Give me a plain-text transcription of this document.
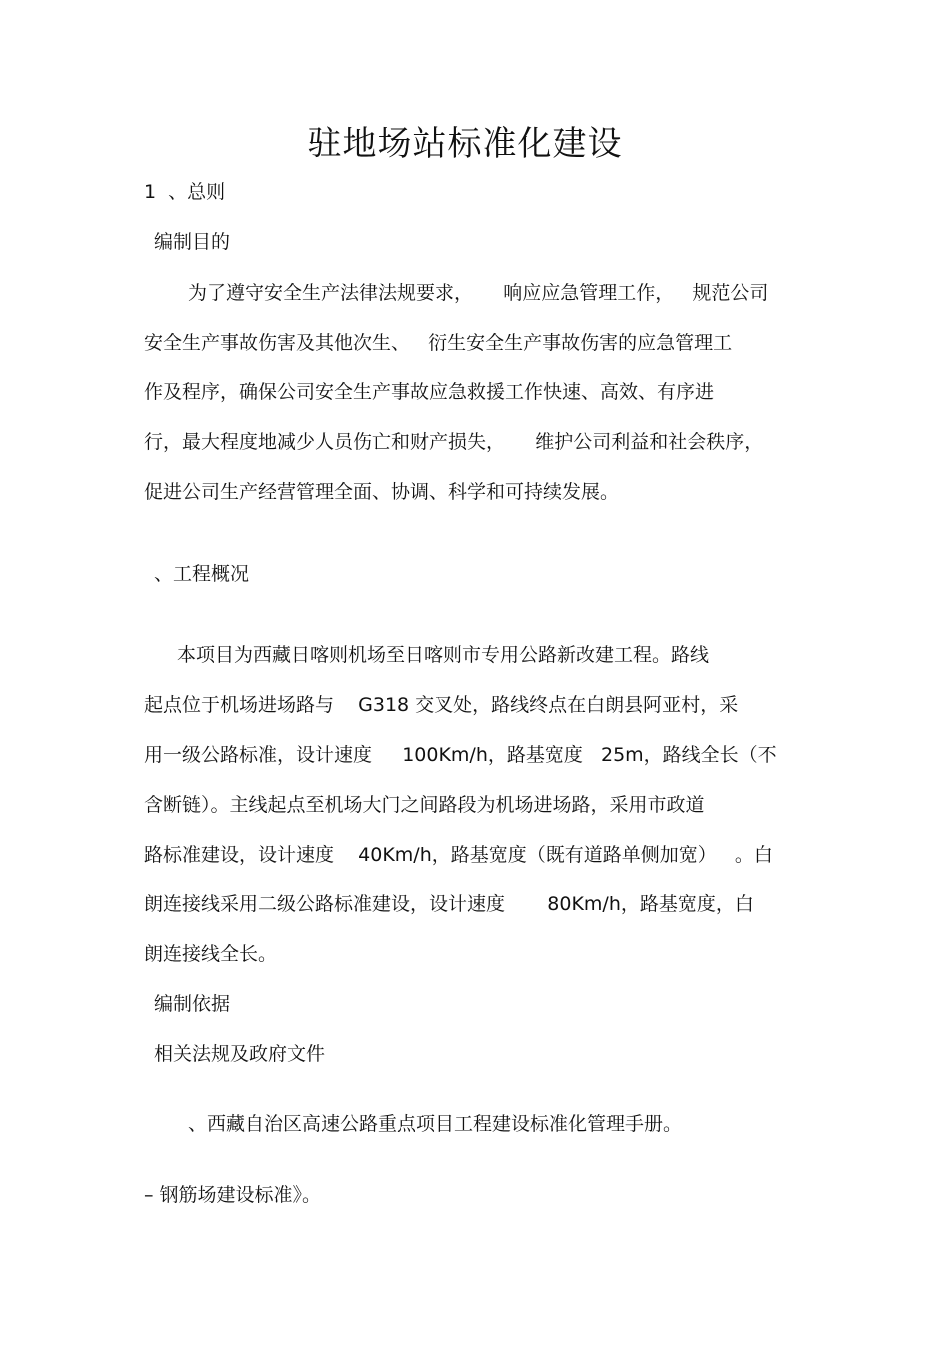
驻地场站标准化建设
1  、总则
编制目的
为了遵守安全生产法律法规要求，     响应应急管理工作，   规范公司
安全生产事故伤害及其他次生、   衍生安全生产事故伤害的应急管理工
作及程序，确保公司安全生产事故应急救援工作快速、高效、有序进
行，最大程度地减少人员伤亡和财产损失，     维护公司利益和社会秩序，
促进公司生产经营管理全面、协调、科学和可持续发展。
、工程概况
本项目为西藏日喀则机场至日喀则市专用公路新改建工程。路线
起点位于机场进场路与    G318 交叉处，路线终点在白朗县阿亚村，采
用一级公路标准，设计速度     100Km/h，路基宽度   25m，路线全长（不
含断链）。主线起点至机场大门之间路段为机场进场路，采用市政道
路标准建设，设计速度    40Km/h，路基宽度（既有道路单侧加宽）   。白
朗连接线采用二级公路标准建设，设计速度       80Km/h，路基宽度，白
朗连接线全长。
编制依据
相关法规及政府文件
、西藏自治区高速公路重点项目工程建设标准化管理手册。
– 钢筋场建设标准》。
